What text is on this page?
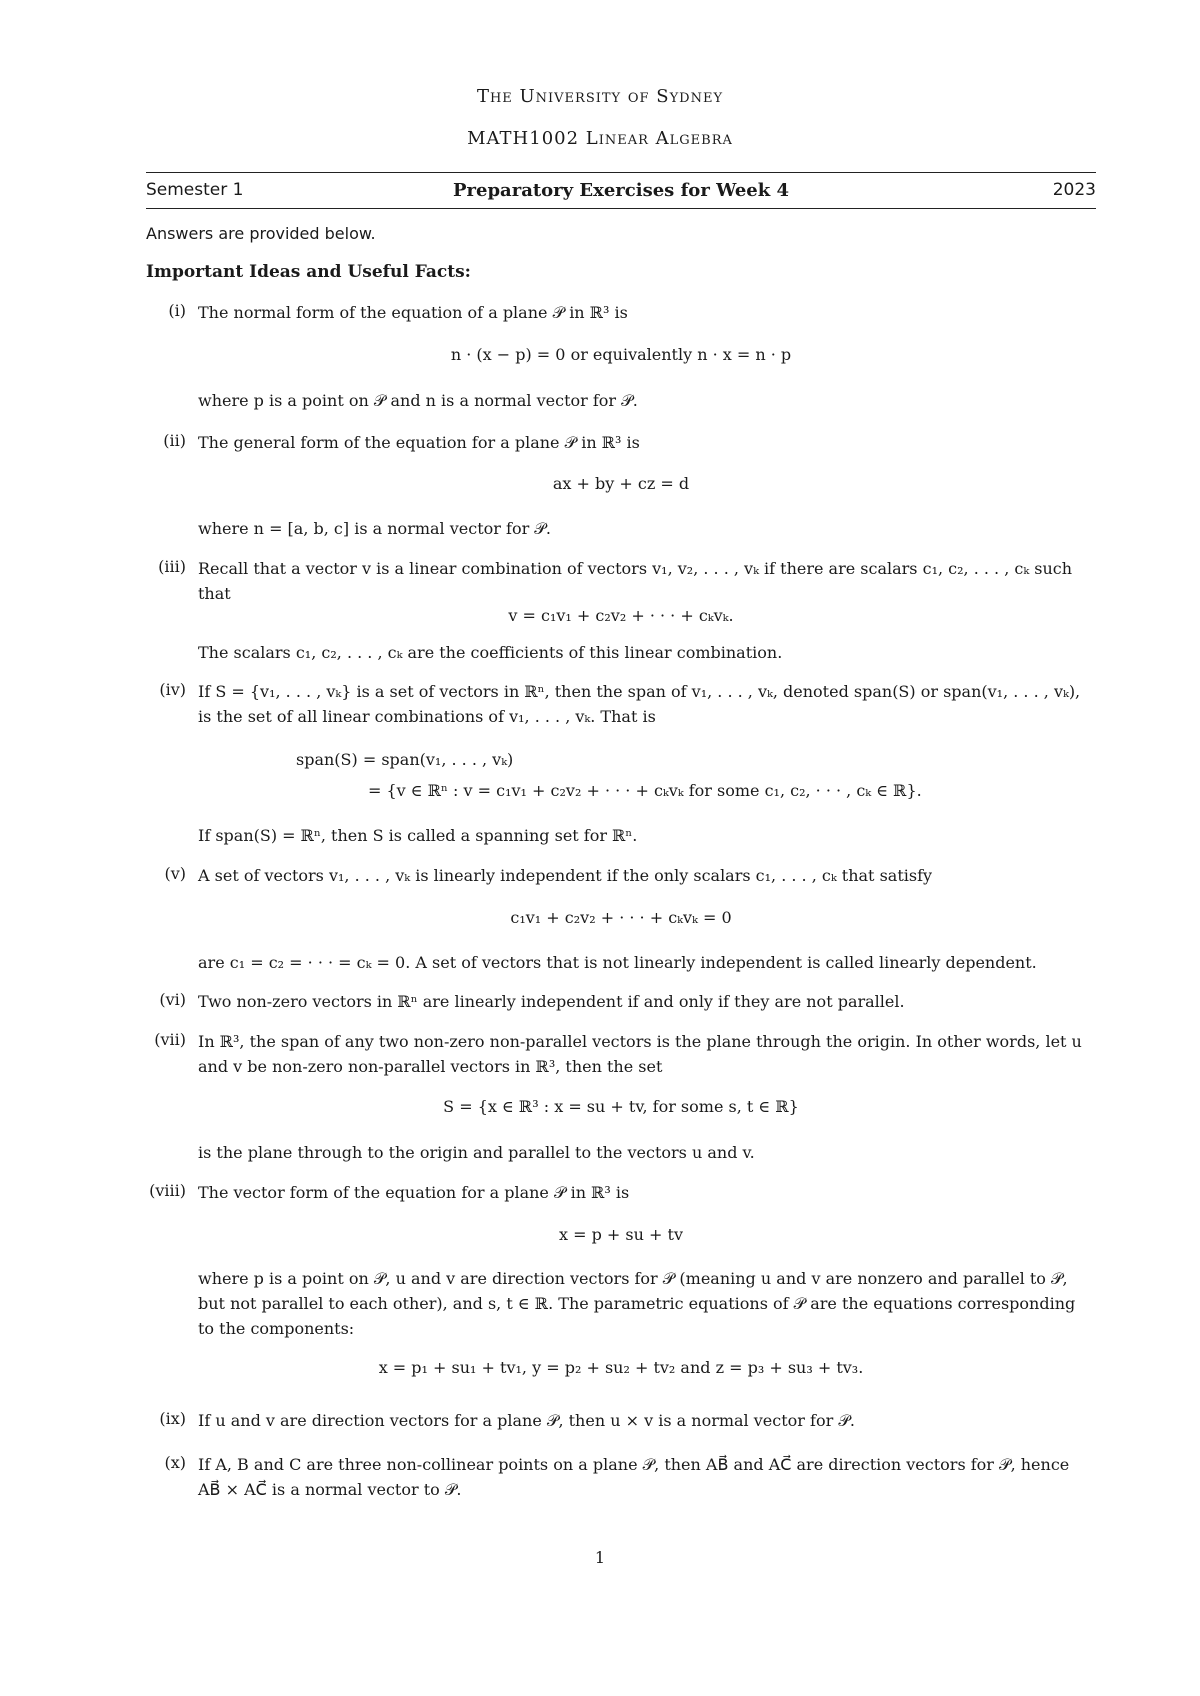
The University of Sydney
MATH1002 Linear Algebra
Semester 1	Preparatory Exercises for Week 4	2023
Answers are provided below.
Important Ideas and Useful Facts:
(i) The normal form of the equation of a plane 𝒫 in ℝ³ is
n · (x − p) = 0 or equivalently n · x = n · p
where p is a point on 𝒫 and n is a normal vector for 𝒫.
(ii) The general form of the equation for a plane 𝒫 in ℝ³ is
ax + by + cz = d
where n = [a, b, c] is a normal vector for 𝒫.
(iii) Recall that a vector v is a linear combination of vectors v₁, v₂, . . . , vₖ if there are scalars c₁, c₂, . . . , cₖ such that
v = c₁v₁ + c₂v₂ + · · · + cₖvₖ.
The scalars c₁, c₂, . . . , cₖ are the coefficients of this linear combination.
(iv) If S = {v₁, . . . , vₖ} is a set of vectors in ℝⁿ, then the span of v₁, . . . , vₖ, denoted span(S) or span(v₁, . . . , vₖ), is the set of all linear combinations of v₁, . . . , vₖ. That is
span(S) = span(v₁, . . . , vₖ)
= {v ∈ ℝⁿ : v = c₁v₁ + c₂v₂ + · · · + cₖvₖ for some c₁, c₂, · · · , cₖ ∈ ℝ}.
If span(S) = ℝⁿ, then S is called a spanning set for ℝⁿ.
(v) A set of vectors v₁, . . . , vₖ is linearly independent if the only scalars c₁, . . . , cₖ that satisfy
c₁v₁ + c₂v₂ + · · · + cₖvₖ = 0
are c₁ = c₂ = · · · = cₖ = 0. A set of vectors that is not linearly independent is called linearly dependent.
(vi) Two non-zero vectors in ℝⁿ are linearly independent if and only if they are not parallel.
(vii) In ℝ³, the span of any two non-zero non-parallel vectors is the plane through the origin. In other words, let u and v be non-zero non-parallel vectors in ℝ³, then the set
S = {x ∈ ℝ³ : x = su + tv, for some s, t ∈ ℝ}
is the plane through to the origin and parallel to the vectors u and v.
(viii) The vector form of the equation for a plane 𝒫 in ℝ³ is
x = p + su + tv
where p is a point on 𝒫, u and v are direction vectors for 𝒫 (meaning u and v are nonzero and parallel to 𝒫, but not parallel to each other), and s, t ∈ ℝ. The parametric equations of 𝒫 are the equations corresponding to the components:
x = p₁ + su₁ + tv₁, y = p₂ + su₂ + tv₂ and z = p₃ + su₃ + tv₃.
(ix) If u and v are direction vectors for a plane 𝒫, then u × v is a normal vector for 𝒫.
(x) If A, B and C are three non-collinear points on a plane 𝒫, then AB⃗ and AC⃗ are direction vectors for 𝒫, hence AB⃗ × AC⃗ is a normal vector to 𝒫.
1
